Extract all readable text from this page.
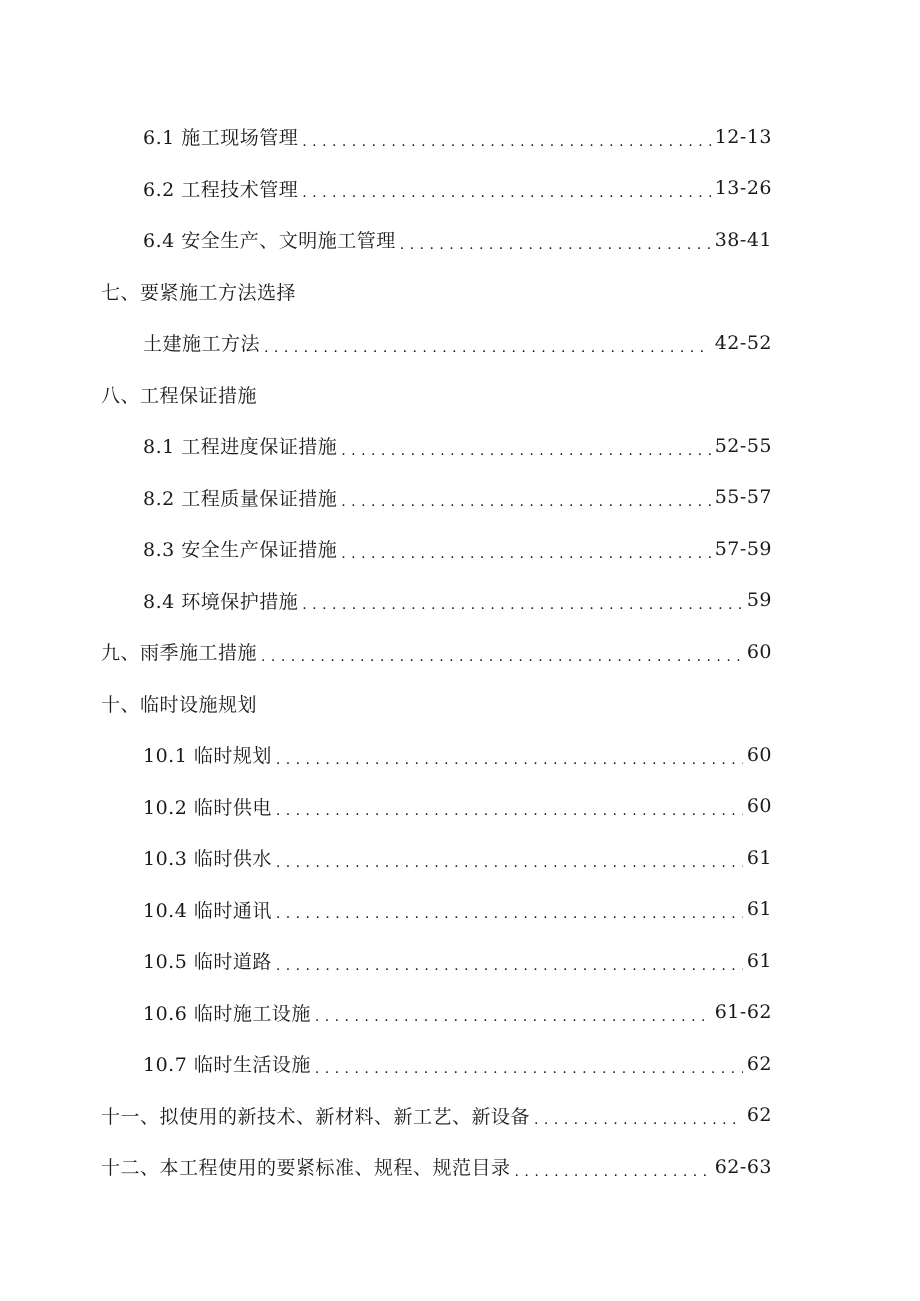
6.1 施工现场管理 . . .	12-13
6.2 工程技术管理 . . .	13-26
6.4 安全生产、文明施工管理 . . .	38-41
七、要紧施工方法选择
土建施工方法 . . .	42-52
八、工程保证措施
8.1 工程进度保证措施 . . .	52-55
8.2 工程质量保证措施 . . .	55-57
8.3 安全生产保证措施 . . .	57-59
8.4 环境保护措施 . . .	59
九、雨季施工措施 . . .	60
十、临时设施规划
10.1 临时规划 . . .	60
10.2 临时供电 . . .	60
10.3 临时供水 . . .	61
10.4 临时通讯 . . .	61
10.5 临时道路 . . .	61
10.6 临时施工设施 . . .	61-62
10.7 临时生活设施 . . .	62
十一、拟使用的新技术、新材料、新工艺、新设备 . . .	62
十二、本工程使用的要紧标准、规程、规范目录 . . .	62-63
